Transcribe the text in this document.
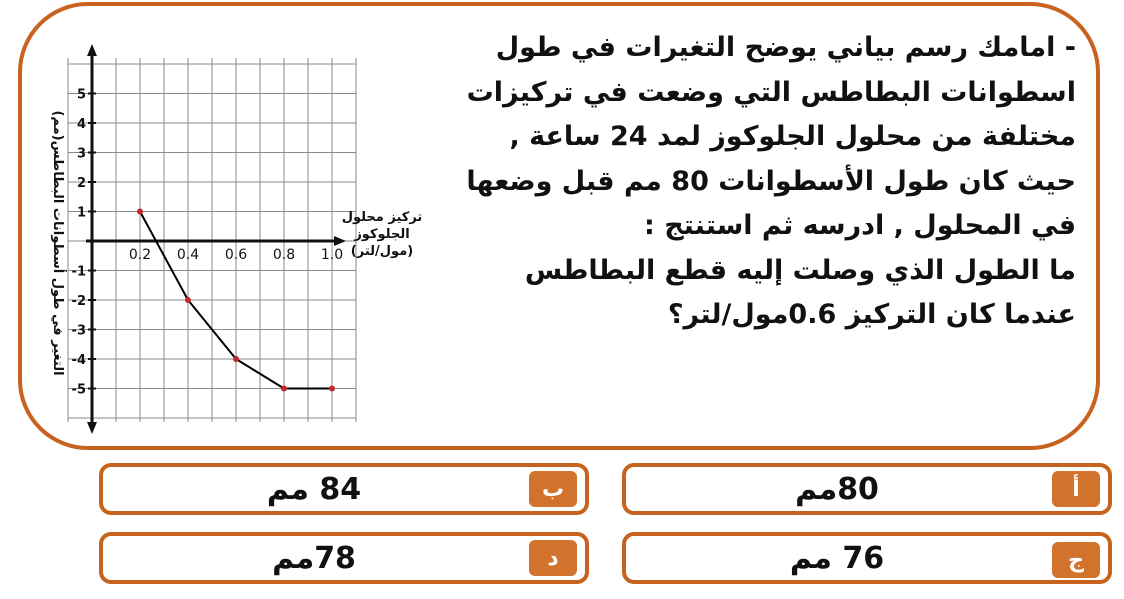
- امامك رسم بياني يوضح التغيرات في طول
اسطوانات البطاطس التي وضعت في تركيزات
مختلفة من محلول الجلوكوز لمد 24 ساعة ,
حيث كان طول الأسطوانات 80 مم قبل وضعها
في المحلول , ادرسه ثم استنتج :
ما الطول الذي وصلت إليه قطع البطاطس
عندما كان التركيز 0.6مول/لتر؟
0.2 0.4 0.6 0.8 1.0
5
4
3
2
1
-1
-2
-3
-4
-5
التغير في طول أسطوانات البطاطس(مم)	تركيز محلول
الجلوكوز
(مول/لتر)
أ
80مم
ب
84 مم
ج
76 مم
د
78مم
